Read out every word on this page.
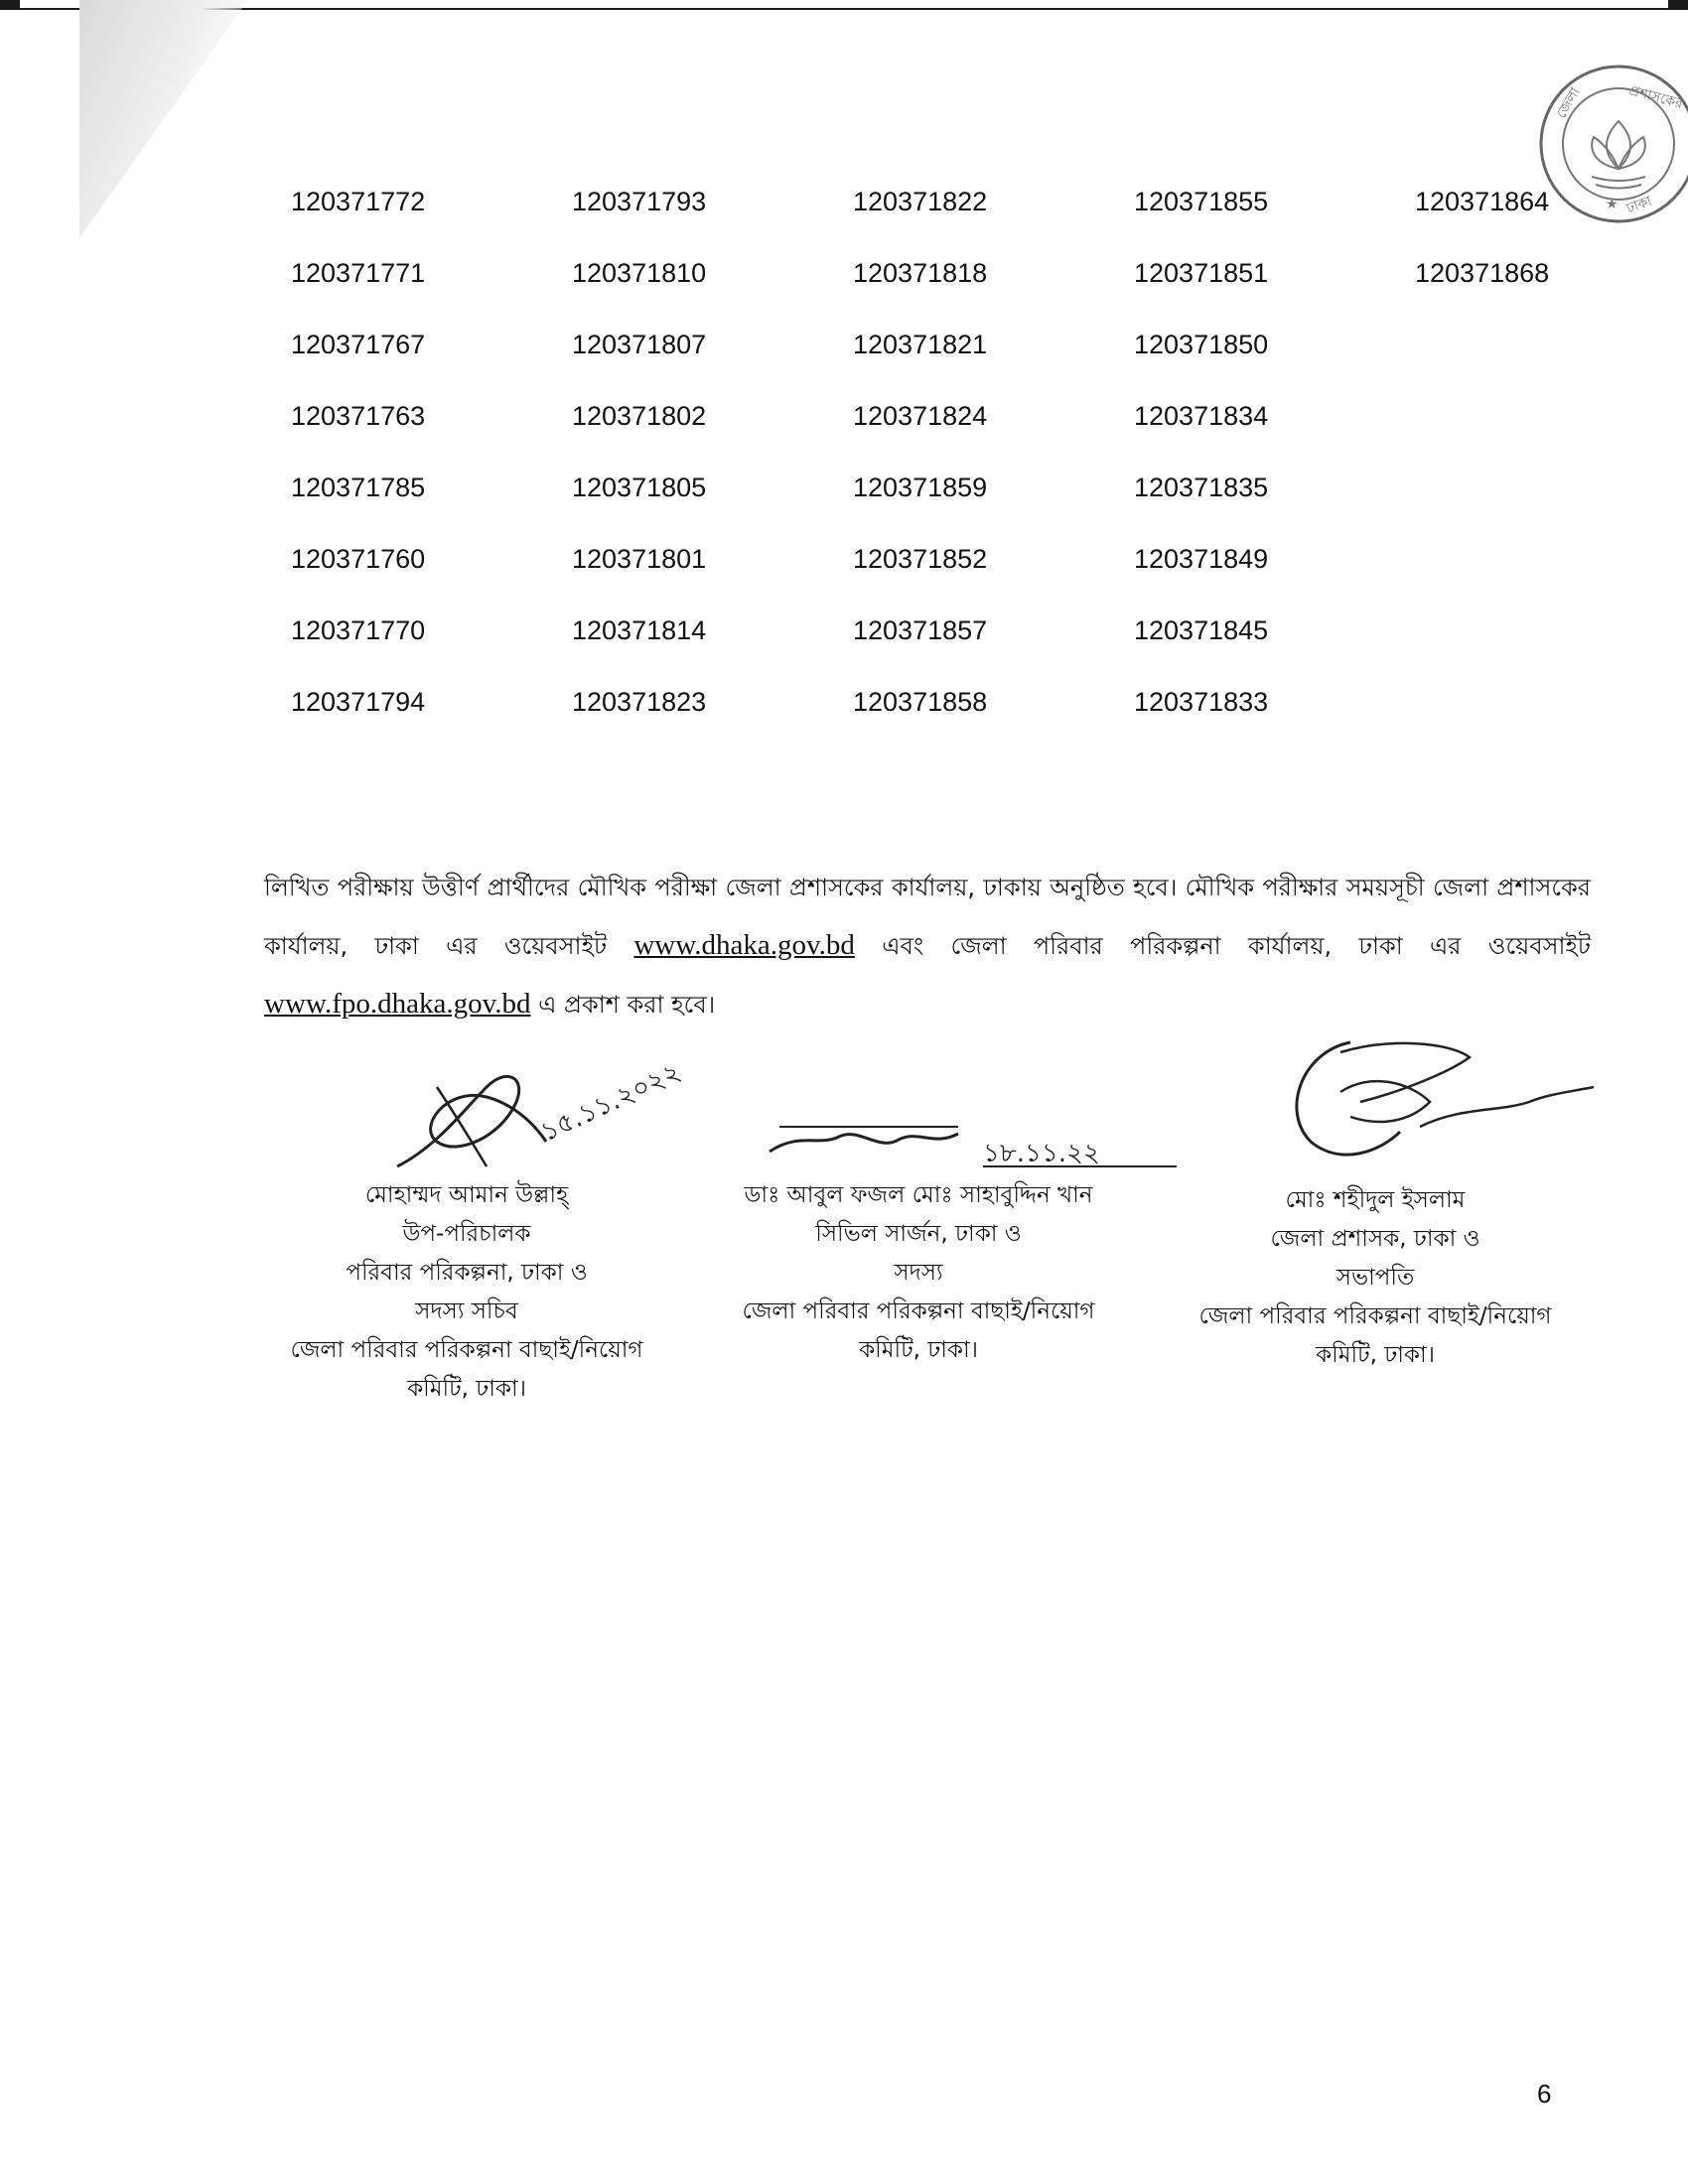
জেলা	প্রশাসকের
ঢাকা
★
120371772	120371793	120371822	120371855	120371864
120371771	120371810	120371818	120371851	120371868
120371767	120371807	120371821	120371850
120371763	120371802	120371824	120371834
120371785	120371805	120371859	120371835
120371760	120371801	120371852	120371849
120371770	120371814	120371857	120371845
120371794	120371823	120371858	120371833
লিখিত পরীক্ষায় উত্তীর্ণ প্রার্থীদের মৌখিক পরীক্ষা জেলা প্রশাসকের কার্যালয়, ঢাকায় অনুষ্ঠিত হবে। মৌখিক পরীক্ষার সময়সূচী জেলা প্রশাসকের কার্যালয়, ঢাকা এর ওয়েবসাইট www.dhaka.gov.bd এবং জেলা পরিবার পরিকল্পনা কার্যালয়, ঢাকা এর ওয়েবসাইট www.fpo.dhaka.gov.bd এ প্রকাশ করা হবে।
১৫.১১.২০২২
১৮.১১.২২
মোহাম্মদ আমান উল্লাহ্
উপ-পরিচালক
পরিবার পরিকল্পনা, ঢাকা ও
সদস্য সচিব
জেলা পরিবার পরিকল্পনা বাছাই/নিয়োগ
কমিটি, ঢাকা।
ডাঃ আবুল ফজল মোঃ সাহাবুদ্দিন খান
সিভিল সার্জন, ঢাকা ও
সদস্য
জেলা পরিবার পরিকল্পনা বাছাই/নিয়োগ
কমিটি, ঢাকা।
মোঃ শহীদুল ইসলাম
জেলা প্রশাসক, ঢাকা ও
সভাপতি
জেলা পরিবার পরিকল্পনা বাছাই/নিয়োগ
কমিটি, ঢাকা।
6
